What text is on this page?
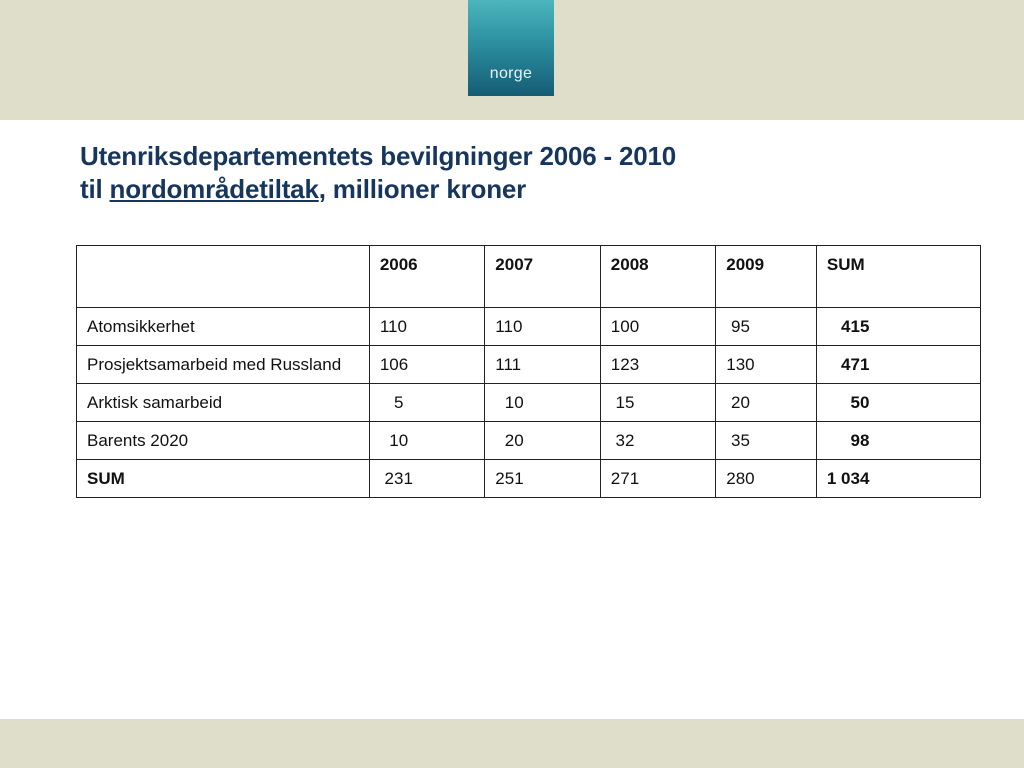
norge
Utenriksdepartementets bevilgninger 2006 - 2010
til nordområdetiltak, millioner kroner
	2006	2007	2008	2009	SUM
Atomsikkerhet	110	110	100	95	415
Prosjektsamarbeid med Russland	106	111	123	130	471
Arktisk samarbeid	5	10	15	20	50
Barents 2020	10	20	32	35	98
SUM	231	251	271	280	1 034
